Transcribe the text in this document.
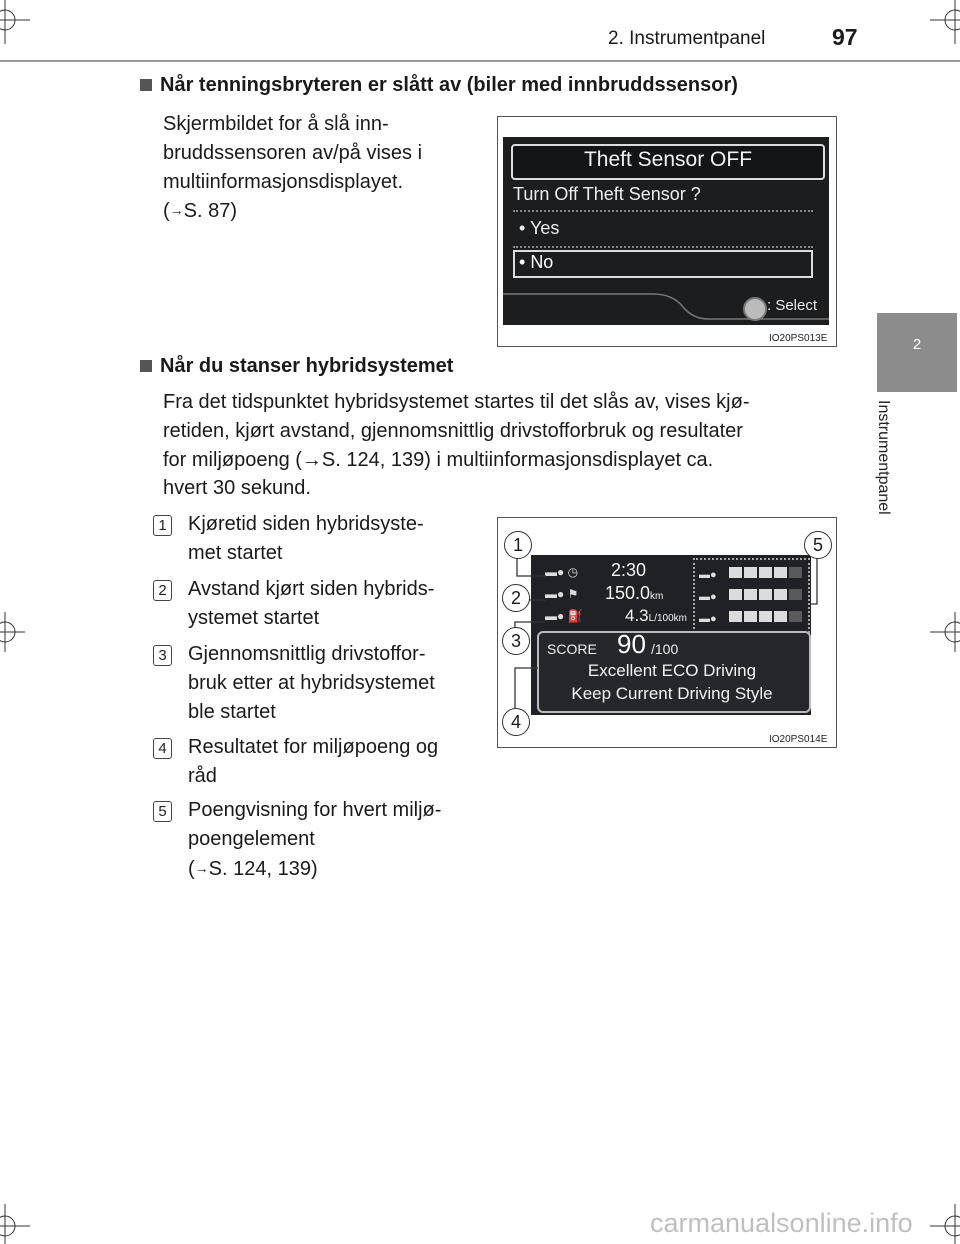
2. Instrumentpanel	97
2
Instrumentpanel
Når tenningsbryteren er slått av (biler med innbruddssensor)
Skjermbildet for å slå inn-
bruddssensoren av/på vises i
multiinformasjonsdisplayet.
(→S. 87)
Theft Sensor OFF
Turn Off Theft Sensor ?
• Yes
• No
: Select
IO20PS013E
Når du stanser hybridsystemet
Fra det tidspunktet hybridsystemet startes til det slås av, vises kjø-
retiden, kjørt avstand, gjennomsnittlig drivstofforbruk og resultater
for miljøpoeng (→S. 124, 139) i multiinformasjonsdisplayet ca.
hvert 30 sekund.
1 Kjøretid siden hybridsyste-
met startet
2 Avstand kjørt siden hybrids-
ystemet startet
3 Gjennomsnittlig drivstoffor-
bruk etter at hybridsystemet
ble startet
4 Resultatet for miljøpoeng og
råd
5 Poengvisning for hvert miljø-
poengelement
(→S. 124, 139)
▬● ◷
▬● ⚑
▬● ⛽
2:30
150.0km
4.3L/100km
▬●
▬●
▬●
SCORE 90 /100
Excellent ECO Driving
Keep Current Driving Style
1
2
3
4
5
IO20PS014E
carmanualsonline.info
